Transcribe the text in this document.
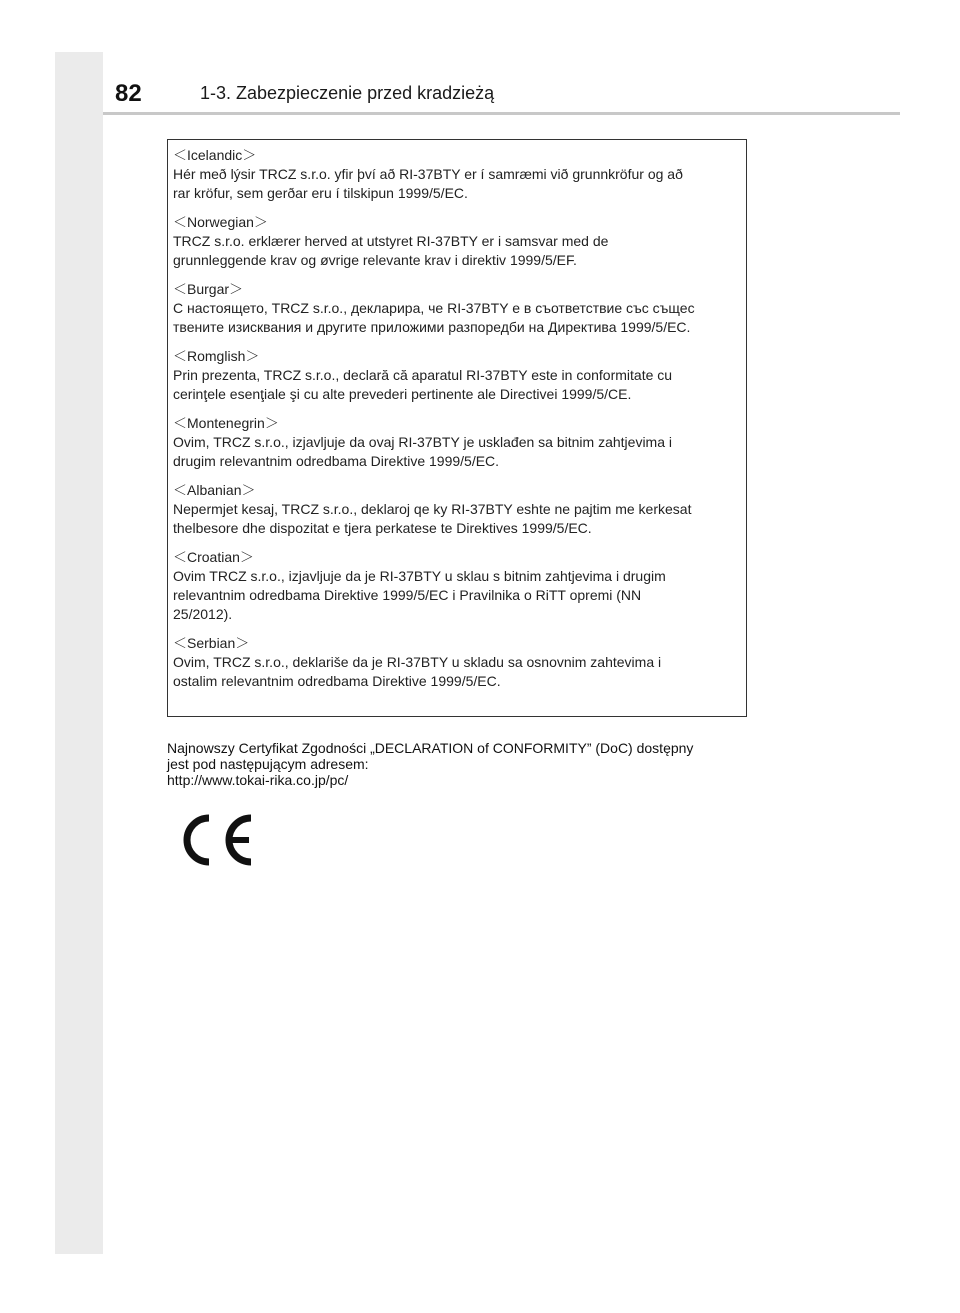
82	1-3. Zabezpieczenie przed kradzieżą
＜Icelandic＞
Hér með lýsir TRCZ s.r.o. yfir því að RI-37BTY er í samræmi við grunnkröfur og að
rar kröfur, sem gerðar eru í tilskipun 1999/5/EC.
＜Norwegian＞
TRCZ s.r.o. erklærer herved at utstyret RI-37BTY er i samsvar med de
grunnleggende krav og øvrige relevante krav i direktiv 1999/5/EF.
＜Burgar＞
С настоящето, TRCZ s.r.o., декларира, че RI-37BTY е в съответствие със същес
твените изисквания и другите приложими разпоредби на Директива 1999/5/ЕС.
＜Romglish＞
Prin prezenta, TRCZ s.r.o., declară că aparatul RI-37BTY este in conformitate cu
cerinţele esenţiale şi cu alte prevederi pertinente ale Directivei 1999/5/CE.
＜Montenegrin＞
Ovim, TRCZ s.r.o., izjavljuje da ovaj RI-37BTY je usklađen sa bitnim zahtjevima i
drugim relevantnim odredbama Direktive 1999/5/EC.
＜Albanian＞
Nepermjet kesaj, TRCZ s.r.o., deklaroj qe ky RI-37BTY eshte ne pajtim me kerkesat
thelbesore dhe dispozitat e tjera perkatese te Direktives 1999/5/EC.
＜Croatian＞
Ovim TRCZ s.r.o., izjavljuje da je RI-37BTY u sklau s bitnim zahtjevima i drugim
relevantnim odredbama Direktive 1999/5/EC i Pravilnika o RiTT opremi (NN
25/2012).
＜Serbian＞
Ovim, TRCZ s.r.o., deklariše da je RI-37BTY u skladu sa osnovnim zahtevima i
ostalim relevantnim odredbama Direktive 1999/5/EC.
Najnowszy Certyfikat Zgodności „DECLARATION of CONFORMITY” (DoC) dostępny
jest pod następującym adresem:
http://www.tokai-rika.co.jp/pc/
